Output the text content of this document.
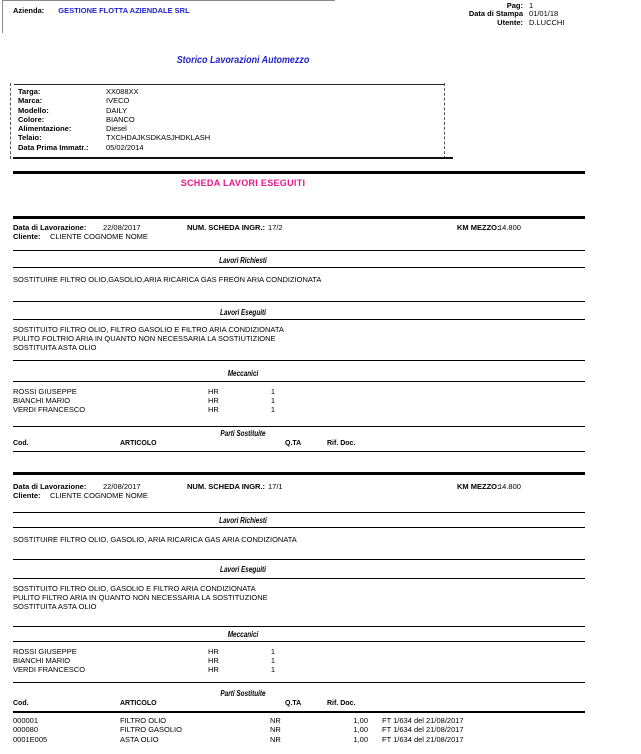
Azienda: GESTIONE FLOTTA AZIENDALE SRL
Pag: 1
Data di Stampa 01/01/18
Utente: D.LUCCHI
Storico Lavorazioni Automezzo
Targa:	XX088XX
Marca:	IVECO
Modello:	DAILY
Colore:	BIANCO
Alimentazione:	Diesel
Telaio:	TXCHDAJKSDKASJHDKLASH
Data Prima Immatr.: 05/02/2014
SCHEDA LAVORI ESEGUITI
Data di Lavorazione: 22/08/2017	NUM. SCHEDA INGR.: 17/2	KM MEZZO:
14.800
Cliente: CLIENTE COGNOME NOME
Lavori Richiesti
SOSTITUIRE FILTRO OLIO,GASOLIO,ARIA RICARICA GAS FREON ARIA CONDIZIONATA
Lavori Eseguiti
SOSTITUITO FILTRO OLIO, FILTRO GASOLIO E FILTRO ARIA CONDIZIONATA
PULITO FOLTRIO ARIA IN QUANTO NON NECESSARIA LA SOSTIUTIZIONE
SOSTITUITA ASTA OLIO
Meccanici
ROSSI GIUSEPPE	HR	1
BIANCHI MARIO	HR	1
VERDI FRANCESCO	HR	1
Parti Sostituite
Cod.	ARTICOLO	Q.TA	Rif. Doc.
Data di Lavorazione: 22/08/2017	NUM. SCHEDA INGR.: 17/1	KM MEZZO:
14.800
Cliente: CLIENTE COGNOME NOME
Lavori Richiesti
SOSTITUIRE FILTRO OLIO, GASOLIO, ARIA RICARICA GAS ARIA CONDIZIONATA
Lavori Eseguiti
SOSTITUITO FILTRO OLIO, GASOLIO E FILTRO ARIA CONDIZIONATA
PULITO FILTRO ARIA IN QUANTO NON NECESSARIA LA SOSTITUZIONE
SOSTITUITA ASTA OLIO
Meccanici
ROSSI GIUSEPPE	HR	1
BIANCHI MARIO	HR	1
VERDI FRANCESCO	HR	1
Parti Sostituite
Cod.	ARTICOLO	Q.TA	Rif. Doc.
000001	FILTRO OLIO	NR	1,00 FT 1/634 del 21/08/2017
000080	FILTRO GASOLIO	NR	1,00 FT 1/634 del 21/08/2017
0001E005	ASTA OLIO	NR	1,00 FT 1/634 del 21/08/2017
